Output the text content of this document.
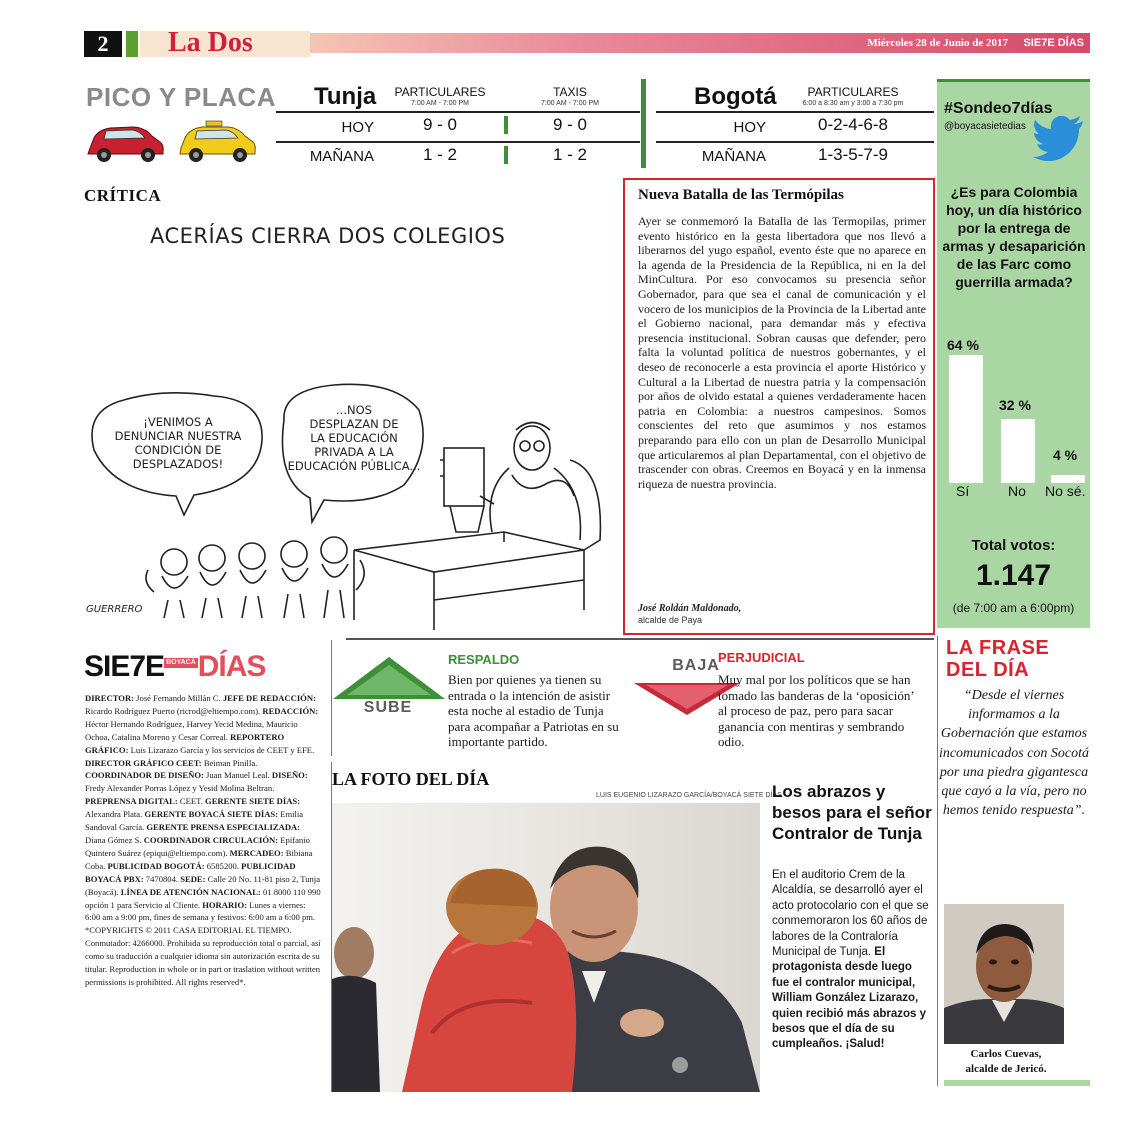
2	La Dos	Miércoles 28 de Junio de 2017	SIE7E DÍAS
PICO Y PLACA Tunja	PARTICULARES
7:00 AM - 7:00 PM
TAXIS
7:00 AM - 7:00 PM
HOY	9 - 0	9 - 0
MAÑANA	1 - 2	1 - 2
Bogotá	PARTICULARES
6:00 a 8:30 am y 3:00 a 7:30 pm
HOY	0-2-4-6-8
MAÑANA	1-3-5-7-9
CRÍTICA
ACERÍAS CIERRA DOS COLEGIOS
¡VENIMOS A
DENUNCIAR NUESTRA
CONDICIÓN DE
DESPLAZADOS!
...NOS
DESPLAZAN DE
LA EDUCACIÓN
PRIVADA A LA
EDUCACIÓN PÚBLICA...
GUERRERO
Nueva Batalla de las Termópilas
Ayer se conmemoró la Batalla de las Termopilas, primer evento histórico en la gesta libertadora que nos llevó a liberarnos del yugo español, evento éste que no aparece en la agenda de la Presidencia de la República, ni en la del MinCultura. Por eso convocamos su presencia señor Gobernador, para que sea el canal de comunicación y el vocero de los municipios de la Provincia de la Libertad ante el Gobierno nacional, para demandar más y efectiva presencia institucional. Sobran causas que defender, pero falta la voluntad política de nuestros gobernantes, y el deseo de reconocerle a esta provincia el aporte Histórico y Cultural a la Libertad de nuestra patria y la compensación por años de olvido estatal a quienes verdaderamente hacen patria en Colombia: a nuestros campesinos. Somos conscientes del reto que asumimos y nos estamos preparando para ello con un plan de Desarrollo Municipal que articularemos al plan Departamental, con el objetivo de trascender con obras. Creemos en Boyacá y en la inmensa riqueza de nuestra provincia.
José Roldán Maldonado,
alcalde de Paya
#Sondeo7días
@boyacasietedias
¿Es para Colombia hoy, un día histórico por la entrega de armas y desaparición de las Farc como guerrilla armada?
64 %
32 %
4 %
Sí	No No sé.
Total votos:
1.147
(de 7:00 am a 6:00pm)
SIE7E BOYACÁDÍAS
DIRECTOR: José Fernando Millán C. JEFE DE REDACCIÓN: Ricardo Rodríguez Puerto (ricrod@eltiempo.com). REDACCIÓN: Héctor Hernando Rodríguez, Harvey Yecid Medina, Mauricio Ochoa, Catalina Moreno y Cesar Correal. REPORTERO GRÁFICO: Luis Lizarazo García y los servicios de CEET y EFE. DIRECTOR GRÁFICO CEET: Beiman Pinilla. COORDINADOR DE DISEÑO: Juan Manuel Leal. DISEÑO: Fredy Alexander Porras López y Yesid Molina Beltran. PREPRENSA DIGITAL: CEET. GERENTE SIETE DÍAS: Alexandra Plata. GERENTE BOYACÁ SIETE DÍAS: Emilia Sandoval García. GERENTE PRENSA ESPECIALIZADA: Diana Gómez S. COORDINADOR CIRCULACIÓN: Epifanio Quintero Suárez (epiqui@eltiempo.com). MERCADEO: Bibiana Coba. PUBLICIDAD BOGOTÁ: 6585200. PUBLICIDAD BOYACÁ PBX: 7470804. SEDE: Calle 20 No. 11-81 piso 2, Tunja (Boyacá). LÍNEA DE ATENCIÓN NACIONAL: 01 8000 110 990 opción 1 para Servicio al Cliente. HORARIO: Lunes a viernes: 6:00 am a 9:00 pm, fines de semana y festivos: 6:00 am a 6:00 pm. *COPYRIGHTS © 2011 CASA EDITORIAL EL TIEMPO. Conmutador: 4266000. Prohibida su reproducción total o parcial, así como su traducción a cualquier idioma sin autorización escrita de su titular. Reproduction in whole or in part or traslation without written permissions is prohibited. All rights reserved*.
SUBE
RESPALDO
Bien por quienes ya tienen su entrada o la intención de asistir esta noche al estadio de Tunja para acompañar a Patriotas en su importante partido.
BAJA
PERJUDICIAL
Muy mal por los políticos que se han tomado las banderas de la ‘oposición’ al proceso de paz, pero para sacar ganancia con mentiras y sembrando odio.
LA FOTO DEL DÍA
LUIS EUGENIO LIZARAZO GARCÍA/BOYACÁ SIETE DÍAS
Los abrazos y besos para el señor Contralor de Tunja
En el auditorio Crem de la Alcaldía, se desarrolló ayer el acto protocolario con el que se conmemoraron los 60 años de labores de la Contraloría Municipal de Tunja. El protagonista desde luego fue el contralor municipal, William González Lizarazo, quien recibió más abrazos y besos que el día de su cumpleaños. ¡Salud!
LA FRASE
DEL DÍA
“Desde el viernes informamos a la Gobernación que estamos incomunicados con Socotá por una piedra gigantesca que cayó a la vía, pero no hemos tenido respuesta”.
Carlos Cuevas,
alcalde de Jericó.
